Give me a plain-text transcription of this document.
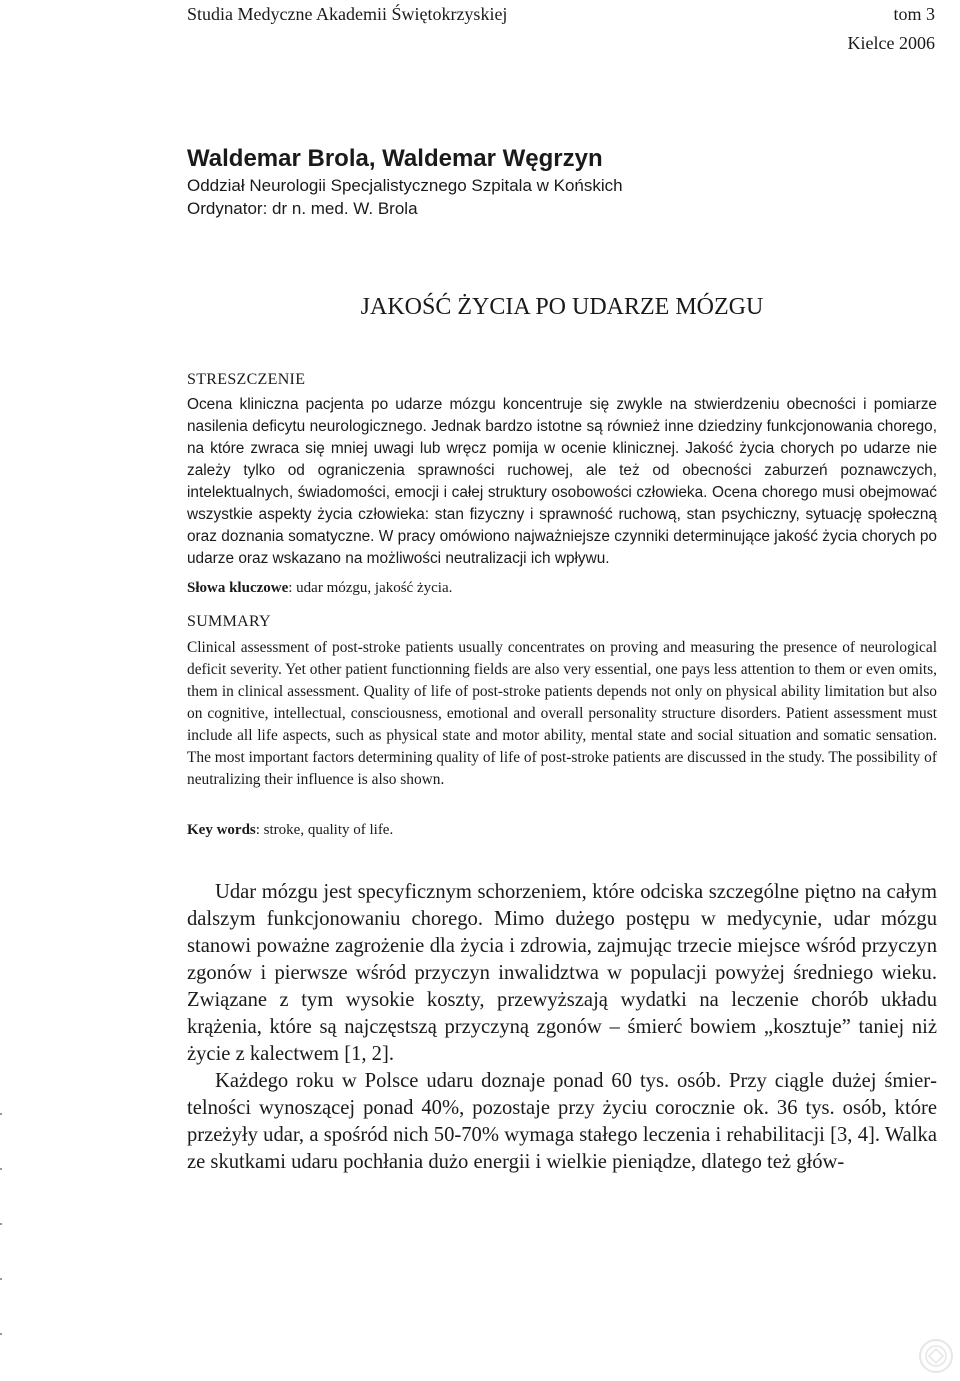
Studia Medyczne Akademii Świętokrzyskiej	tom 3
Kielce 2006
Waldemar Brola, Waldemar Węgrzyn
Oddział Neurologii Specjalistycznego Szpitala w Końskich
Ordynator: dr n. med. W. Brola
JAKOŚĆ ŻYCIA PO UDARZE MÓZGU
STRESZCZENIE

Ocena kliniczna pacjenta po udarze mózgu koncentruje się zwykle na stwierdzeniu obecności i pomiarze nasilenia deficytu neurologicznego. Jednak bardzo istotne są również inne dziedziny funkcjonowania chorego, na które zwraca się mniej uwagi lub wręcz pomija w ocenie klinicznej. Jakość życia chorych po udarze nie zależy tylko od ograniczenia sprawności ruchowej, ale też od obecności zaburzeń poznawczych, intelektualnych, świadomości, emocji i całej struktury osobowości człowieka. Ocena chorego musi obejmować wszystkie aspekty życia człowieka: stan fizyczny i sprawność ruchową, stan psychiczny, sytuację społeczną oraz doznania somatyczne. W pracy omówiono najważniejsze czynniki determinujące jakość życia chorych po udarze oraz wskazano na możliwości neutralizacji ich wpływu.

Słowa kluczowe: udar mózgu, jakość życia.
SUMMARY

Clinical assessment of post-stroke patients usually concentrates on proving and measuring the presence of neurological deficit severity. Yet other patient functionning fields are also very essential, one pays less attention to them or even omits, them in clinical assessment. Quality of life of post-stroke patients depends not only on physical ability limitation but also on cognitive, intellectual, consciousness, emotional and overall personality structure disorders. Patient assessment must include all life aspects, such as physical state and motor ability, mental state and social situation and somatic sensation. The most important factors determining quality of life of post-stroke patients are discussed in the study. The possibility of neutralizing their influence is also shown.

Key words: stroke, quality of life.

Udar mózgu jest specyficznym schorzeniem, które odciska szczególne piętno na całym dalszym funkcjonowaniu chorego. Mimo dużego postępu w medycynie, udar mózgu stanowi poważne zagrożenie dla życia i zdrowia, zajmując trzecie miejsce wśród przyczyn zgonów i pierwsze wśród przyczyn inwalidztwa w populacji powyżej średniego wieku. Związane z tym wysokie koszty, przewyższają wydatki na leczenie chorób układu krążenia, które są najczęstszą przyczyną zgonów – śmierć bowiem „kosztuje” taniej niż życie z kalectwem [1, 2].

Każdego roku w Polsce udaru doznaje ponad 60 tys. osób. Przy ciągle dużej śmiertelności wynoszącej ponad 40%, pozostaje przy życiu corocznie ok. 36 tys. osób, które przeżyły udar, a spośród nich 50-70% wymaga stałego leczenia i rehabilitacji [3, 4]. Walka ze skutkami udaru pochłania dużo energii i wielkie pieniądze, dlatego też głów-
